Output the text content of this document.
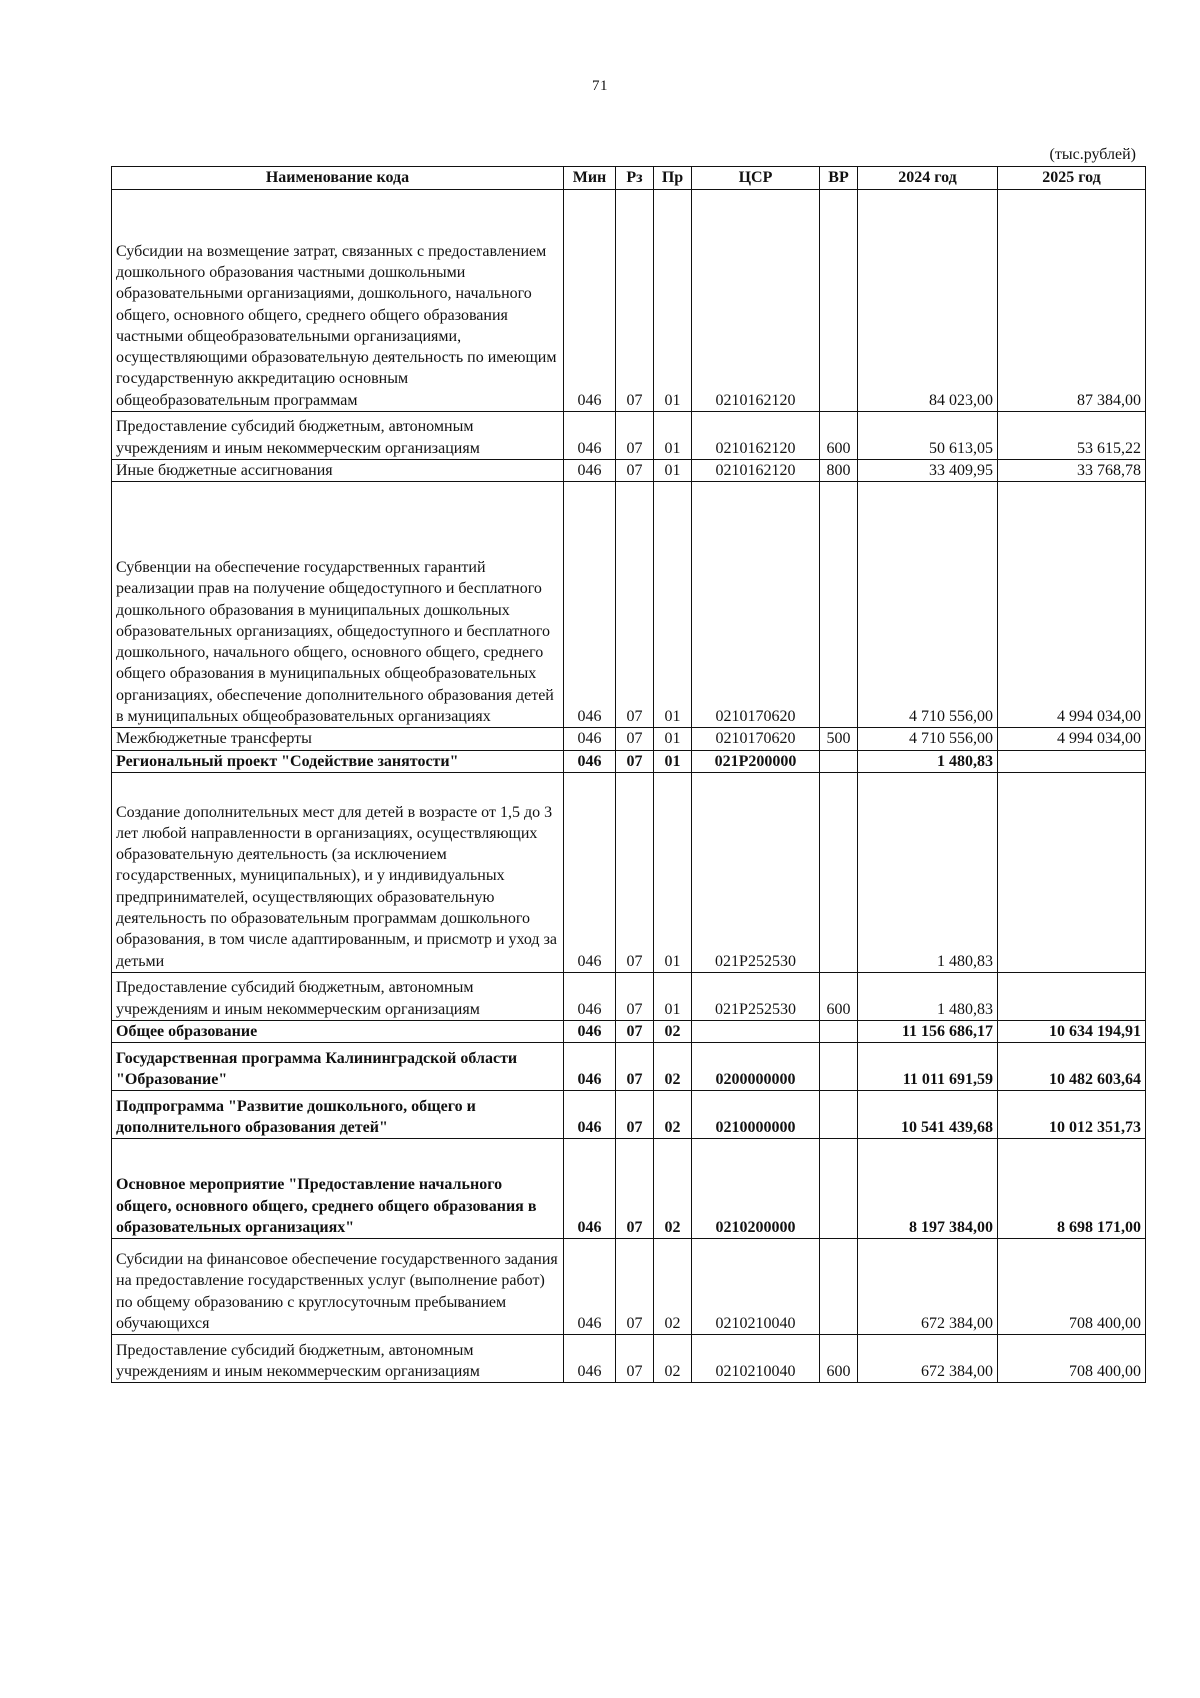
71
(тыс.рублей)
Наименование кода	Мин	Рз	Пр	ЦСР	ВР	2024 год	2025 год

Субсидии на возмещение затрат, связанных с предоставлением дошкольного образования частными дошкольными образовательными организациями, дошкольного, начального общего, основного общего, среднего общего образования частными общеобразовательными организациями, осуществляющими образовательную деятельность по имеющим государственную аккредитацию основным общеобразовательным программам	046	07	01	0210162120		84 023,00	87 384,00
Предоставление субсидий бюджетным, автономным учреждениям и иным некоммерческим организациям	046	07	01	0210162120	600	50 613,05	53 615,22
Иные бюджетные ассигнования	046	07	01	0210162120	800	33 409,95	33 768,78

Субвенции на обеспечение государственных гарантий реализации прав на получение общедоступного и бесплатного дошкольного образования в муниципальных дошкольных образовательных организациях, общедоступного и бесплатного дошкольного, начального общего, основного общего, среднего общего образования в муниципальных общеобразовательных организациях, обеспечение дополнительного образования детей в муниципальных общеобразовательных организациях	046	07	01	0210170620		4 710 556,00	4 994 034,00
Межбюджетные трансферты	046	07	01	0210170620	500	4 710 556,00	4 994 034,00
Региональный проект "Содействие занятости"	046	07	01	021P200000		1 480,83	

Создание дополнительных мест для детей в возрасте от 1,5 до 3 лет любой направленности в организациях, осуществляющих образовательную деятельность (за исключением государственных, муниципальных), и у индивидуальных предпринимателей, осуществляющих образовательную деятельность по образовательным программам дошкольного образования, в том числе адаптированным, и присмотр и уход за детьми	046	07	01	021P252530		1 480,83	
Предоставление субсидий бюджетным, автономным учреждениям и иным некоммерческим организациям	046	07	01	021P252530	600	1 480,83	
Общее образование	046	07	02			11 156 686,17	10 634 194,91
Государственная программа Калининградской области "Образование"	046	07	02	0200000000		11 011 691,59	10 482 603,64
Подпрограмма "Развитие дошкольного, общего и дополнительного образования детей"	046	07	02	0210000000		10 541 439,68	10 012 351,73

Основное мероприятие "Предоставление начального общего, основного общего, среднего общего образования в образовательных организациях"	046	07	02	0210200000		8 197 384,00	8 698 171,00
Субсидии на финансовое обеспечение государственного задания на предоставление государственных услуг (выполнение работ) по общему образованию с круглосуточным пребыванием обучающихся	046	07	02	0210210040		672 384,00	708 400,00
Предоставление субсидий бюджетным, автономным учреждениям и иным некоммерческим организациям	046	07	02	0210210040	600	672 384,00	708 400,00
